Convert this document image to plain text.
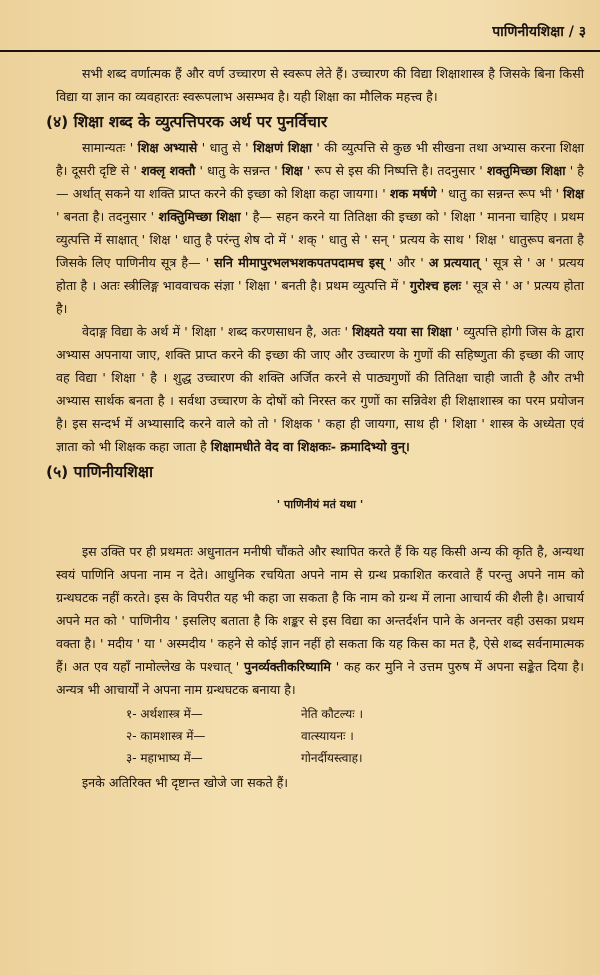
पाणिनीयशिक्षा / ३

सभी शब्द वर्णात्मक हैं और वर्ण उच्चारण से स्वरूप लेते हैं। उच्चारण की विद्या शिक्षाशास्त्र है जिसके बिना किसी विद्या या ज्ञान का व्यवहारतः स्वरूपलाभ असम्भव है। यही शिक्षा का मौलिक महत्त्व है।

(४) शिक्षा शब्द के व्युत्पत्तिपरक अर्थ पर पुनर्विचार

सामान्यतः ' शिक्ष अभ्यासे ' धातु से ' शिक्षणं शिक्षा ' की व्युत्पत्ति से कुछ भी सीखना तथा अभ्यास करना शिक्षा है। दूसरी दृष्टि से ' शक्लृ शक्तौ ' धातु के सन्नन्त ' शिक्ष ' रूप से इस की निष्पत्ति है। तदनुसार ' शक्तुमिच्छा शिक्षा ' है — अर्थात् सकने या शक्ति प्राप्त करने की इच्छा को शिक्षा कहा जायगा। ' शक मर्षणे ' धातु का सन्नन्त रूप भी ' शिक्ष ' बनता है। तदनुसार ' शक्तिुमिच्छा शिक्षा ' है— सहन करने या तितिक्षा की इच्छा को ' शिक्षा ' मानना चाहिए । प्रथम व्युत्पत्ति में साक्षात् ' शिक्ष ' धातु है परंन्तु शेष दो में ' शक् ' धातु से ' सन् ' प्रत्यय के साथ ' शिक्ष ' धातुरूप बनता है जिसके लिए पाणिनीय सूत्र है— ' सनि मीमापुरभलभशकपतपदामच इस् ' और ' अ प्रत्ययात् ' सूत्र से ' अ ' प्रत्यय होता है । अतः स्त्रीलिङ्ग भाववाचक संज्ञा ' शिक्षा ' बनती है। प्रथम व्युत्पत्ति में ' गुरोश्च हलः ' सूत्र से ' अ ' प्रत्यय होता है।

वेदाङ्ग विद्या के अर्थ में ' शिक्षा ' शब्द करणसाधन है, अतः ' शिक्ष्यते यया सा शिक्षा ' व्युत्पत्ति होगी जिस के द्वारा अभ्यास अपनाया जाए, शक्ति प्राप्त करने की इच्छा की जाए और उच्चारण के गुणों की सहिष्णुता की इच्छा की जाए वह विद्या ' शिक्षा ' है । शुद्ध उच्चारण की शक्ति अर्जित करने से पाठ्यगुणों की तितिक्षा चाही जाती है और तभी अभ्यास सार्थक बनता है । सर्वथा उच्चारण के दोषों को निरस्त कर गुणों का सन्निवेश ही शिक्षाशास्त्र का परम प्रयोजन है। इस सन्दर्भ में अभ्यासादि करने वाले को तो ' शिक्षक ' कहा ही जायगा, साथ ही ' शिक्षा ' शास्त्र के अध्येता एवं ज्ञाता को भी शिक्षक कहा जाता है शिक्षामधीते वेद वा शिक्षकः- क्रमादिभ्यो वुन्।

(५) पाणिनीयशिक्षा
' पाणिनीयं मतं यथा '

इस उक्ति पर ही प्रथमतः अधुनातन मनीषी चौंकते और स्थापित करते हैं कि यह किसी अन्य की कृति है, अन्यथा स्वयं पाणिनि अपना नाम न देते। आधुनिक रचयिता अपने नाम से ग्रन्थ प्रकाशित करवाते हैं परन्तु अपने नाम को ग्रन्थघटक नहीं करते। इस के विपरीत यह भी कहा जा सकता है कि नाम को ग्रन्थ में लाना आचार्य की शैली है। आचार्य अपने मत को ' पाणिनीय ' इसलिए बताता है कि शङ्कर से इस विद्या का अन्तर्दर्शन पाने के अनन्तर वही उसका प्रथम वक्ता है। ' मदीय ' या ' अस्मदीय ' कहने से कोई ज्ञान नहीं हो सकता कि यह किस का मत है, ऐसे शब्द सर्वनामात्मक हैं। अत एव यहाँ नामोल्लेख के पश्चात् ' पुनर्व्यक्तीकरिष्यामि ' कह कर मुनि ने उत्तम पुरुष में अपना सङ्केत दिया है। अन्यत्र भी आचार्यों ने अपना नाम ग्रन्थघटक बनाया है।

१- अर्थशास्त्र में—	नेति कौटल्यः ।
२- कामशास्त्र में—	वात्स्यायनः ।
३- महाभाष्य में—	गोनर्दीयस्त्वाह।

इनके अतिरिक्त भी दृष्टान्त खोजे जा सकते हैं।
